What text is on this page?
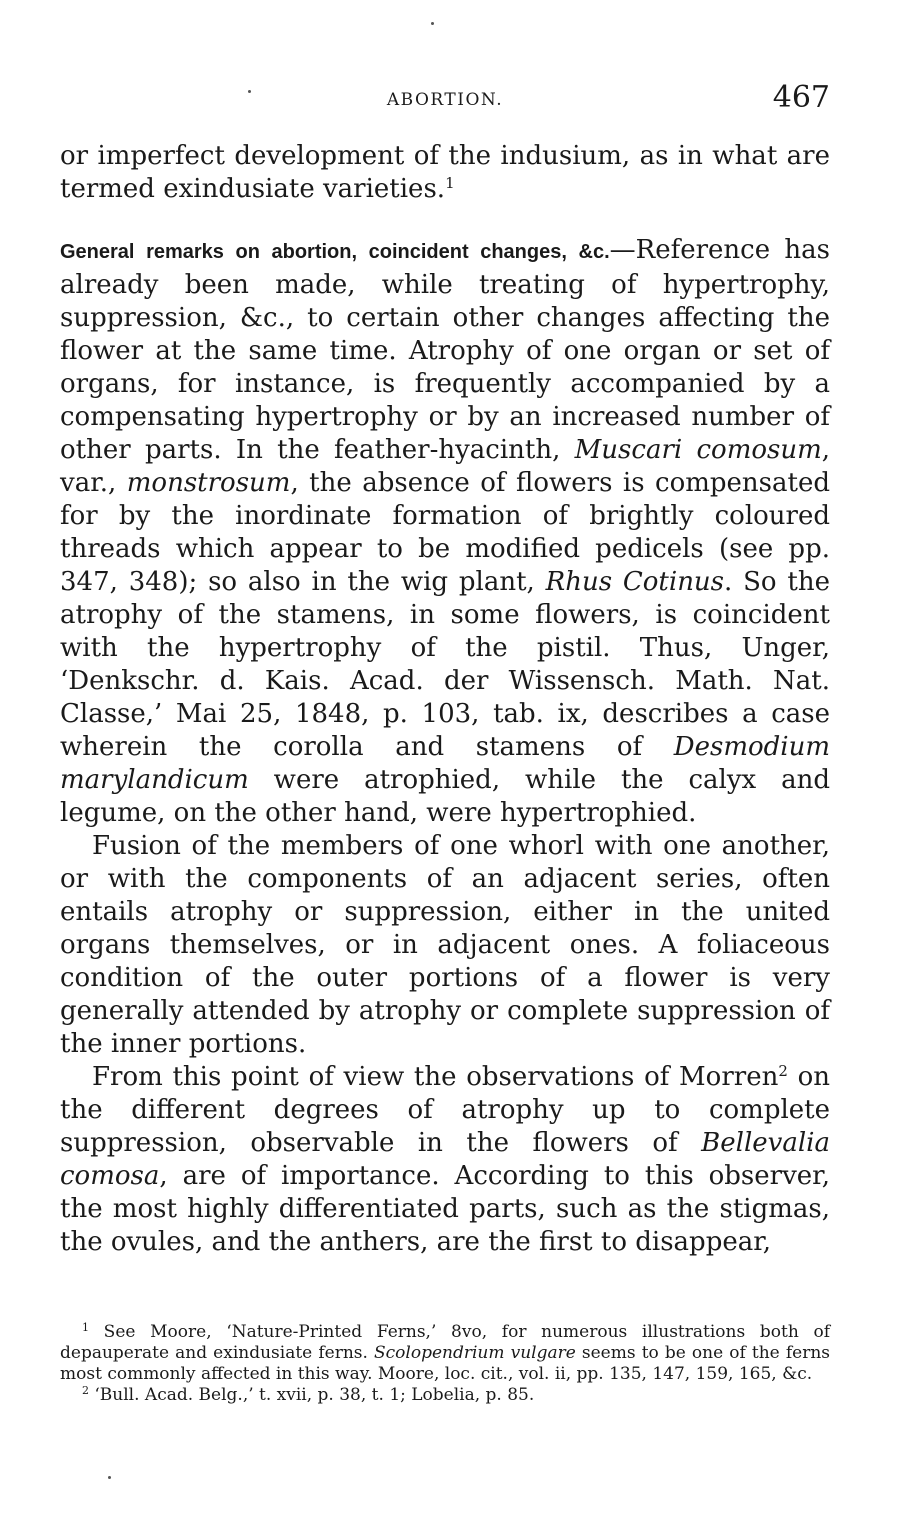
ABORTION.	467

or imperfect development of the indusium, as in what are termed exindusiate varieties.$^1$

General remarks on abortion, coincident changes, &c.—Reference has already been made, while treating of hypertrophy, suppression, &c., to certain other changes affecting the flower at the same time. Atrophy of one organ or set of organs, for instance, is frequently accompanied by a compensating hypertrophy or by an increased number of other parts. In the feather-hyacinth, Muscari comosum, var., monstrosum, the absence of flowers is compensated for by the inordinate formation of brightly coloured threads which appear to be modified pedicels (see pp. 347, 348); so also in the wig plant, Rhus Cotinus. So the atrophy of the stamens, in some flowers, is coincident with the hypertrophy of the pistil. Thus, Unger, ‘Denkschr. d. Kais. Acad. der Wissensch. Math. Nat. Classe,’ Mai 25, 1848, p. 103, tab. ix, describes a case wherein the corolla and stamens of Desmodium marylandicum were atrophied, while the calyx and legume, on the other hand, were hypertrophied.

Fusion of the members of one whorl with one another, or with the components of an adjacent series, often entails atrophy or suppression, either in the united organs themselves, or in adjacent ones. A foliaceous condition of the outer portions of a flower is very generally attended by atrophy or complete suppression of the inner portions.

From this point of view the observations of Morren$^2$ on the different degrees of atrophy up to complete suppression, observable in the flowers of Bellevalia comosa, are of importance. According to this observer, the most highly differentiated parts, such as the stigmas, the ovules, and the anthers, are the first to disappear,

$^1$ See Moore, ‘Nature-Printed Ferns,’ 8vo, for numerous illustrations both of depauperate and exindusiate ferns. Scolopendrium vulgare seems to be one of the ferns most commonly affected in this way. Moore, loc. cit., vol. ii, pp. 135, 147, 159, 165, &c.

$^2$ ‘Bull. Acad. Belg.,’ t. xvii, p. 38, t. 1; Lobelia, p. 85.
